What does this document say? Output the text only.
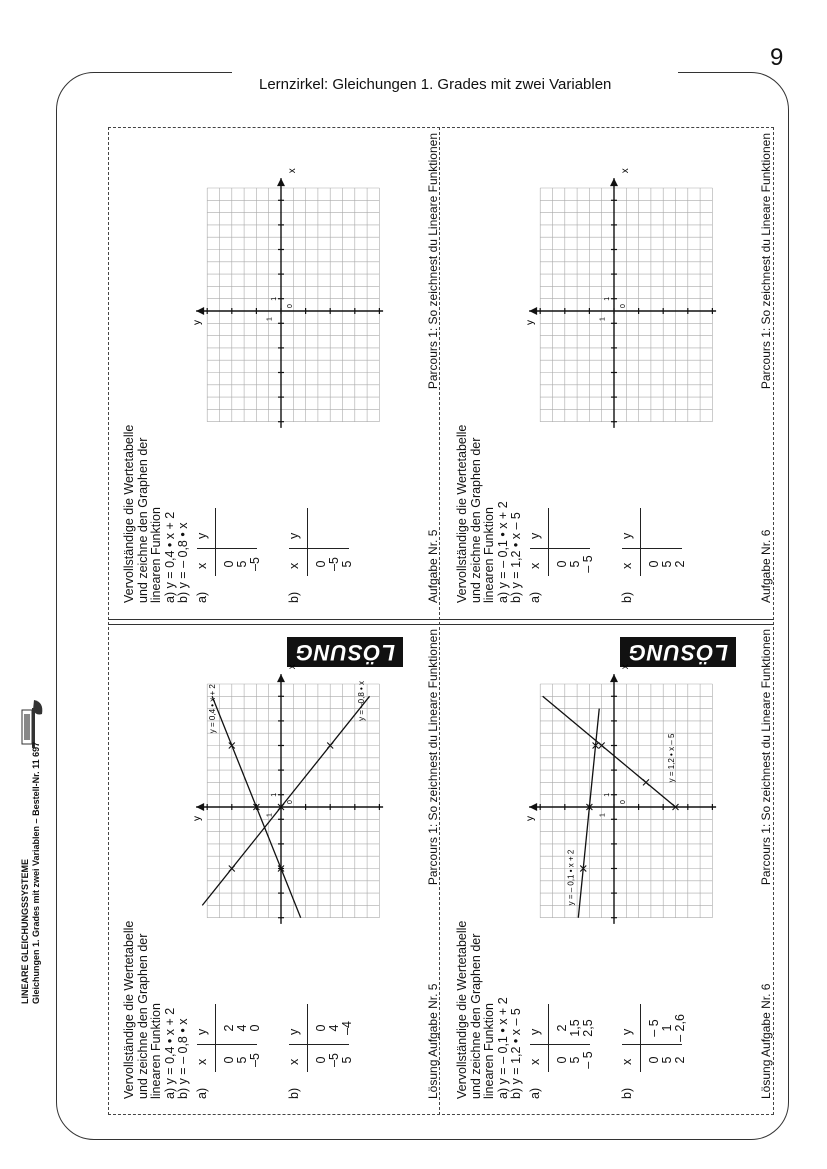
9
Lernzirkel: Gleichungen 1. Grades mit zwei Variablen
LINEARE GLEICHUNGSSYSTEME Gleichungen 1. Grades mit zwei Variablen – Bestell-Nr. 11 697
Vervollständige die Wertetabelle und zeichne den Graphen der linearen Funktion a) y = 0,4 • x + 2 b) y = – 0,8 • x a)
x
y
0 5 –5
b)
x
y
0 –5 5
x
y
0
1
1
Aufgabe Nr. 5
Parcours 1: So zeichnest du Lineare Funktionen
Vervollständige die Wertetabelle und zeichne den Graphen der linearen Funktion a) y = – 0,1 • x + 2 b) y = 1,2 • x – 5 a)
x
y
0 5 – 5
b)
x
y
0 5 2
x
y
0
1
1
Aufgabe Nr. 6
Parcours 1: So zeichnest du Lineare Funktionen
Vervollständige die Wertetabelle und zeichne den Graphen der linearen Funktion a) y = 0,4 • x + 2 b) y = – 0,8 • x a)
x
y
0 5 –5
2 4 0
b)
x
y
0 –5 5
0 4 –4
LÖSUNG
x
y
0
1
1
y = 0,4 • x + 2	y = –0,8 • x
Lösung Aufgabe Nr. 5
Parcours 1: So zeichnest du Lineare Funktionen
Vervollständige die Wertetabelle und zeichne den Graphen der linearen Funktion a) y = – 0,1 • x + 2 b) y = 1,2 • x – 5 a)
x
y
0 5 – 5
2 1,5 2,5
b)
x
y
0 5 2
– 5 1 – 2,6
LÖSUNG
x
y
0
1
1
y = – 0,1 • x + 2
y = 1,2 • x – 5
Lösung Aufgabe Nr. 6
Parcours 1: So zeichnest du Lineare Funktionen
